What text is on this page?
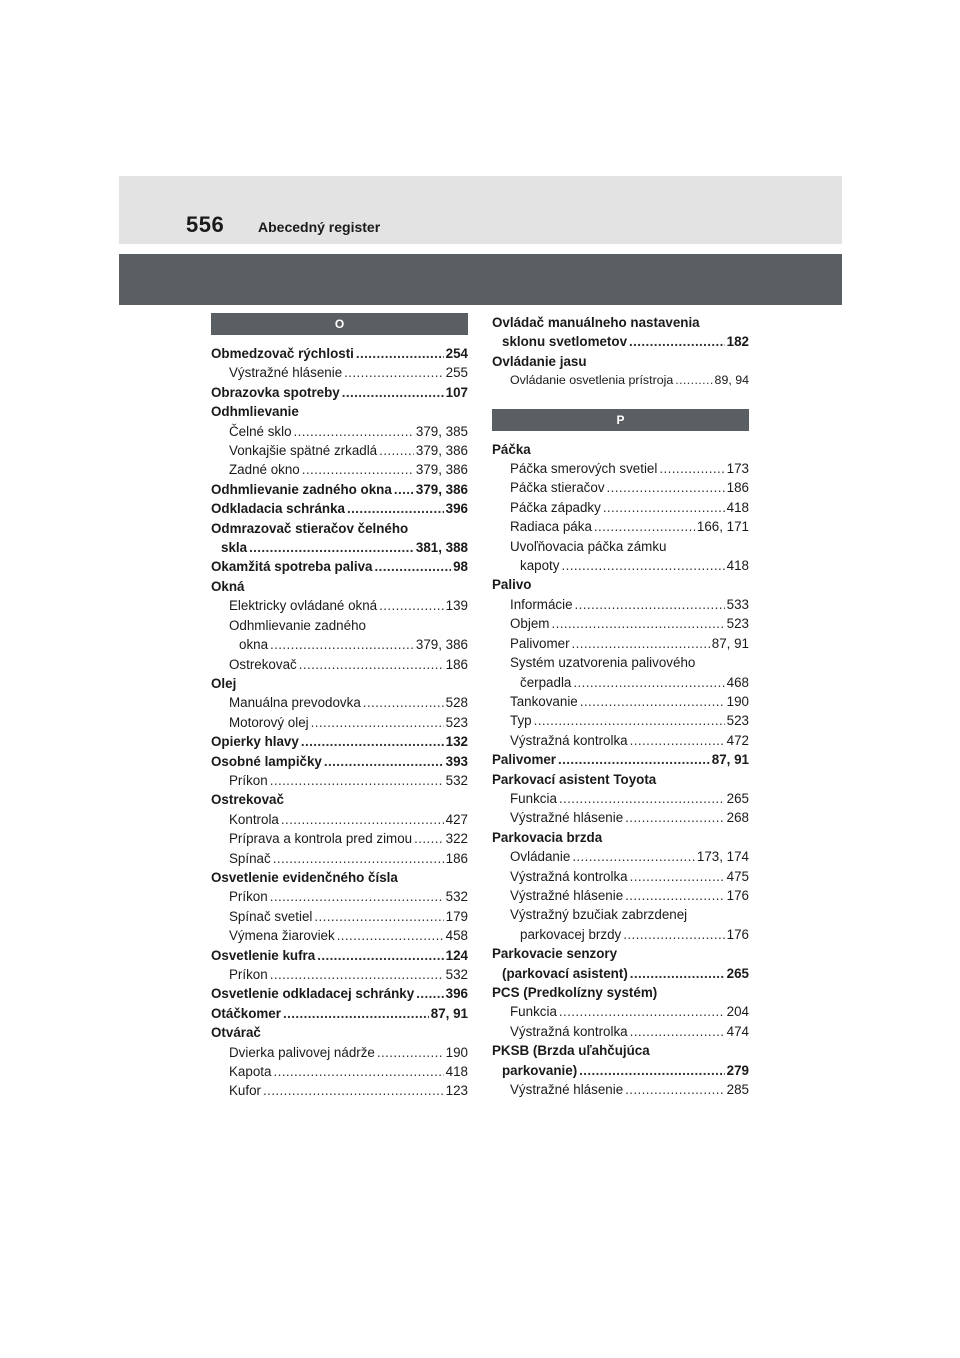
556 Abecedný register
O
Obmedzovač rýchlosti .....	254
Výstražné hlásenie .....	255
Obrazovka spotreby .....	107
Odhmlievanie
Čelné sklo .....	379, 385
Vonkajšie spätné zrkadlá .....	379, 386
Zadné okno .....	379, 386
Odhmlievanie zadného okna ..... 379, 386
Odkladacia schránka .....	396
Odmrazovač stieračov čelného
skla .....	381, 388
Okamžitá spotreba paliva .....	98
Okná
Elektricky ovládané okná .....	139
Odhmlievanie zadného
okna .....	379, 386
Ostrekovač .....	186
Olej
Manuálna prevodovka .....	528
Motorový olej .....	523
Opierky hlavy .....	132
Osobné lampičky .....	393
Príkon .....	532
Ostrekovač
Kontrola .....	427
Príprava a kontrola pred zimou .....	322
Spínač .....	186
Osvetlenie evidenčného čísla
Príkon .....	532
Spínač svetiel .....	179
Výmena žiaroviek .....	458
Osvetlenie kufra .....	124
Príkon .....	532
Osvetlenie odkladacej schránky ..... 396
Otáčkomer .....	87, 91
Otvárač
Dvierka palivovej nádrže .....	190
Kapota .....	418
Kufor .....	123
Ovládač manuálneho nastavenia
sklonu svetlometov .....	182
Ovládanie jasu
Ovládanie osvetlenia prístroja .....	89, 94
P
Páčka
Páčka smerových svetiel .....	173
Páčka stieračov .....	186
Páčka západky .....	418
Radiaca páka .....	166, 171
Uvoľňovacia páčka zámku
kapoty .....	418
Palivo
Informácie .....	533
Objem .....	523
Palivomer .....	87, 91
Systém uzatvorenia palivového
čerpadla .....	468
Tankovanie .....	190
Typ .....	523
Výstražná kontrolka .....	472
Palivomer .....	87, 91
Parkovací asistent Toyota
Funkcia .....	265
Výstražné hlásenie .....	268
Parkovacia brzda
Ovládanie .....	173, 174
Výstražná kontrolka .....	475
Výstražné hlásenie .....	176
Výstražný bzučiak zabrzdenej
parkovacej brzdy .....	176
Parkovacie senzory
(parkovací asistent) .....	265
PCS (Predkolízny systém)
Funkcia .....	204
Výstražná kontrolka .....	474
PKSB (Brzda uľahčujúca
parkovanie) .....	279
Výstražné hlásenie .....	285
